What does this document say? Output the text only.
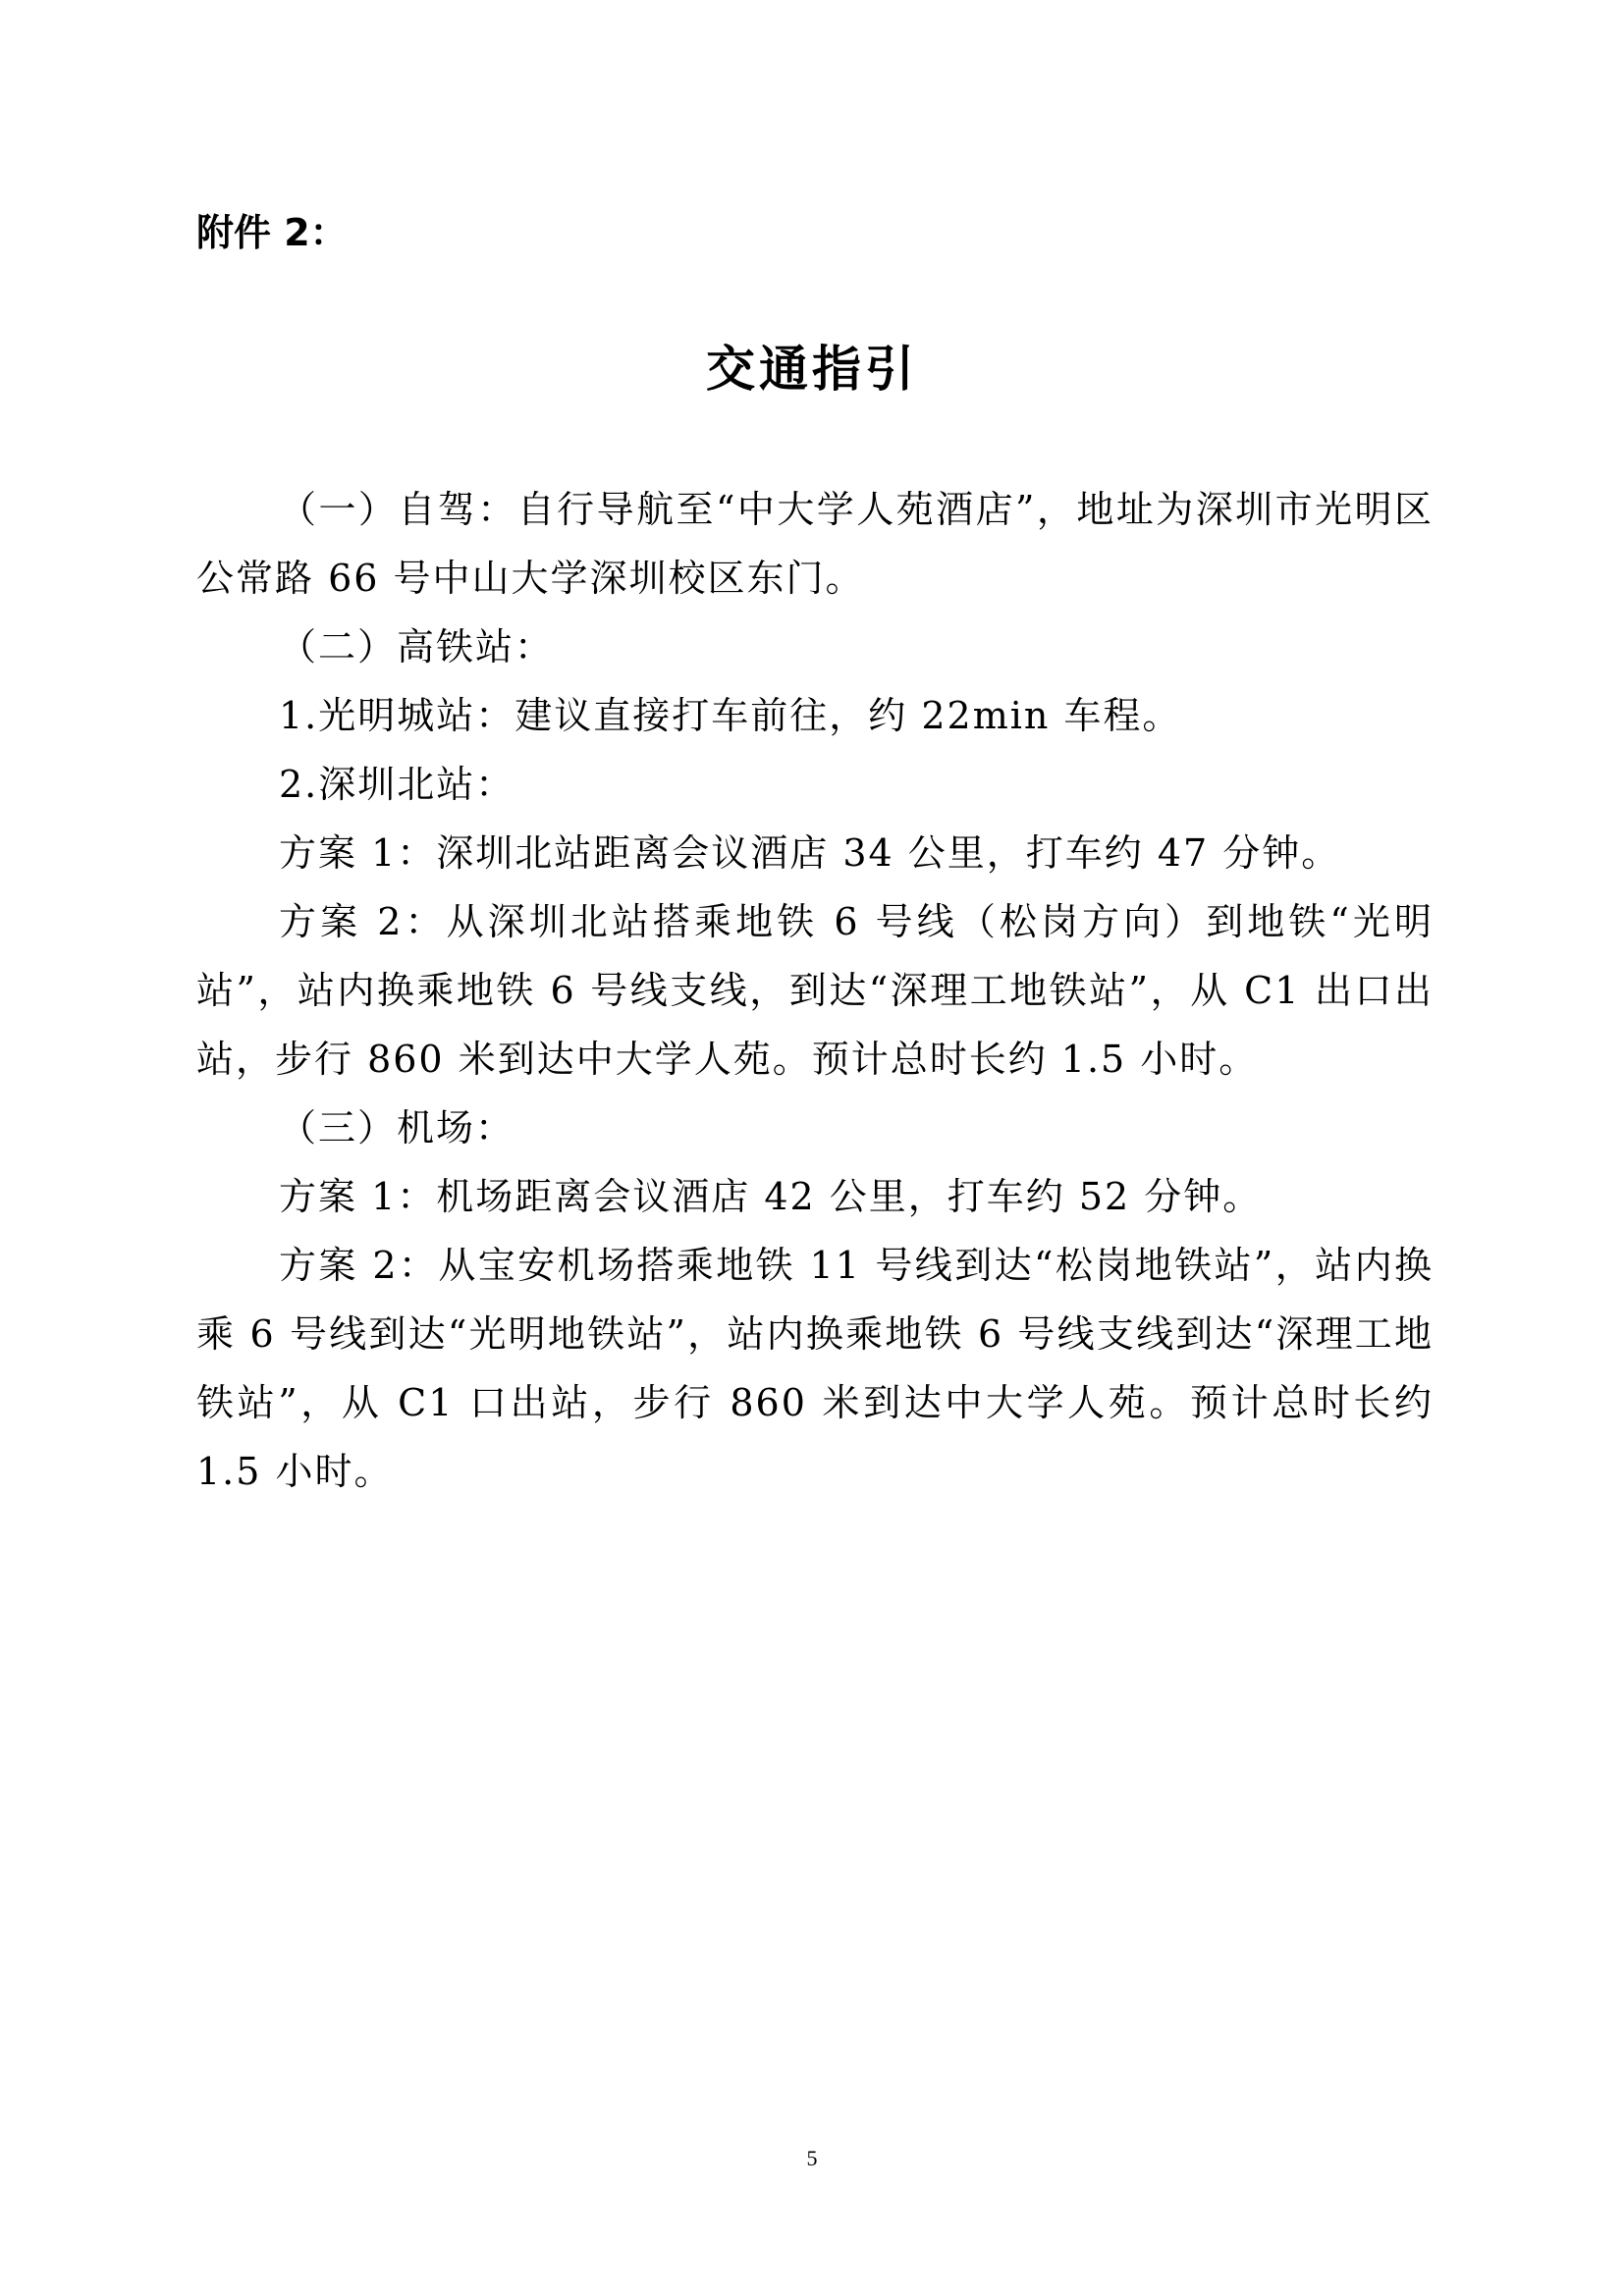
附件 2：
交通指引

（一）自驾：自行导航至“中大学人苑酒店”，地址为深圳市光明区公常路 66 号中山大学深圳校区东门。

（二）高铁站：

1.光明城站：建议直接打车前往，约 22min 车程。

2.深圳北站：

方案 1：深圳北站距离会议酒店 34 公里，打车约 47 分钟。

方案 2：从深圳北站搭乘地铁 6 号线（松岗方向）到地铁“光明站”，站内换乘地铁 6 号线支线，到达“深理工地铁站”，从 C1 出口出站，步行 860 米到达中大学人苑。预计总时长约 1.5 小时。

（三）机场：

方案 1：机场距离会议酒店 42 公里，打车约 52 分钟。

方案 2：从宝安机场搭乘地铁 11 号线到达“松岗地铁站”，站内换乘 6 号线到达“光明地铁站”，站内换乘地铁 6 号线支线到达“深理工地铁站”，从 C1 口出站，步行 860 米到达中大学人苑。预计总时长约 1.5 小时。

5
